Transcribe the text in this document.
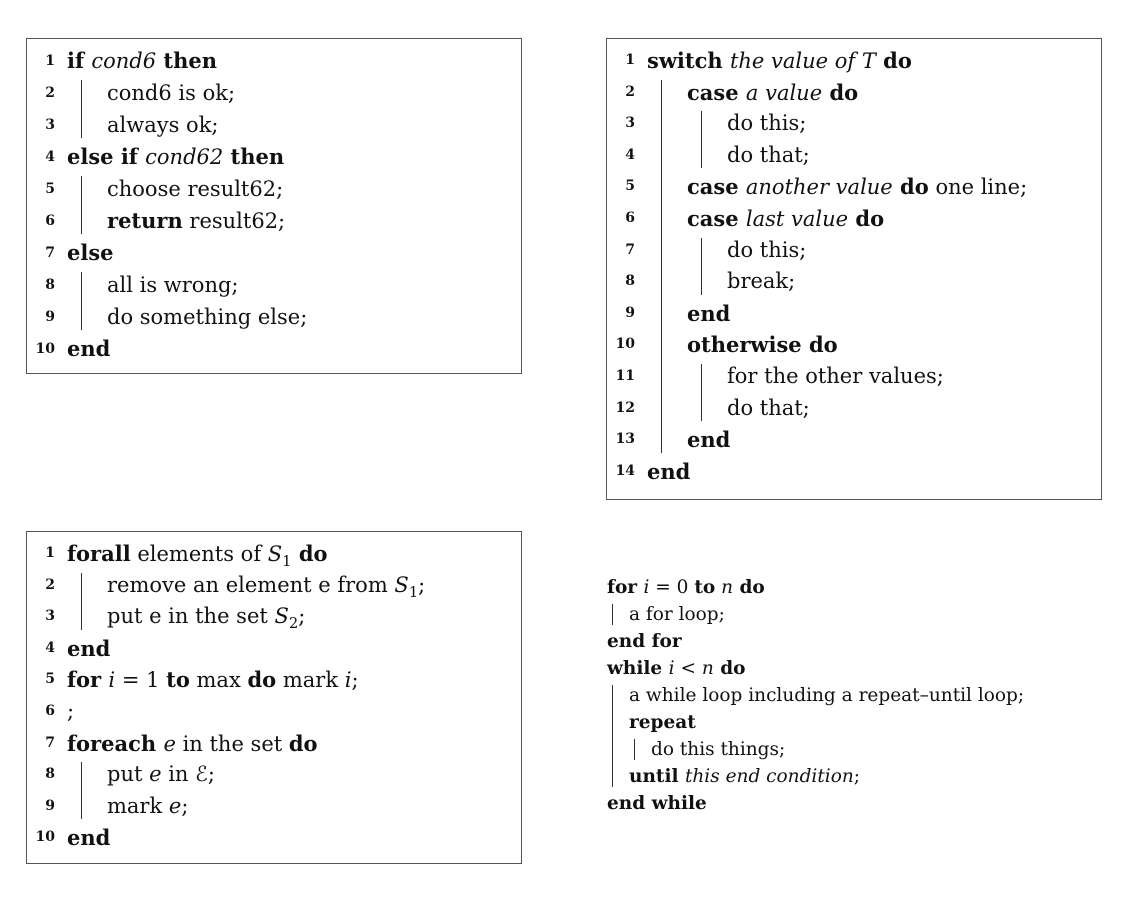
1 if cond6 then
2 cond6 is ok;
3 always ok;
4 else if cond62 then
5 choose result62;
6 return result62;
7 else
8 all is wrong;
9 do something else;
10 end
1 switch the value of T do
2 case a value do
3	do this;
4	do that;
5 case another value do one line;
6 case last value do
7	do this;
8	break;
9 end
10 otherwise do
11	for the other values;
12	do that;
13 end
14 end
1 forall elements of $S_1$ do
2 remove an element e from $S_1$;
3 put e in the set $S_2$;
4 end
5 for i = 1 to max do mark i;
6 ;
7 foreach e in the set do
8 put e in ℰ;
9 mark e;
10 end
for i = 0 to n do
a for loop;
end for
while i < n do
a while loop including a repeat–until loop;
repeat
do this things;
until this end condition;
end while
